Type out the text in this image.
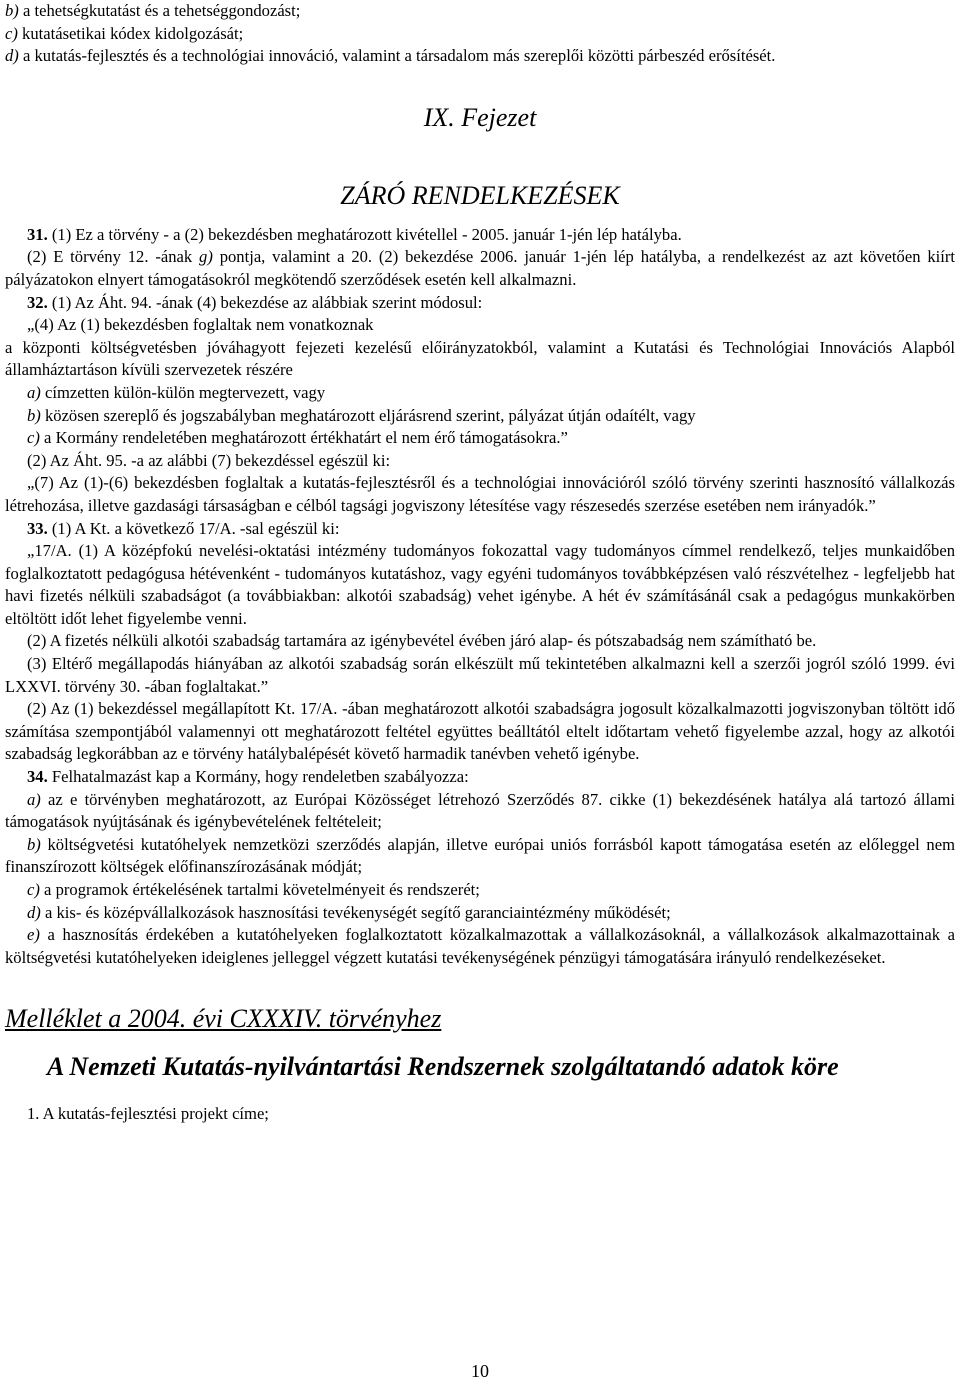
b) a tehetségkutatást és a tehetséggondozást;

c) kutatásetikai kódex kidolgozását;

d) a kutatás-fejlesztés és a technológiai innováció, valamint a társadalom más szereplői közötti párbeszéd erősítését.

IX. Fejezet

ZÁRÓ RENDELKEZÉSEK

31. (1) Ez a törvény - a (2) bekezdésben meghatározott kivétellel - 2005. január 1-jén lép hatályba.

(2) E törvény 12. -ának g) pontja, valamint a 20. (2) bekezdése 2006. január 1-jén lép hatályba, a rendelkezést az azt követően kiírt pályázatokon elnyert támogatásokról megkötendő szerződések esetén kell alkalmazni.

32. (1) Az Áht. 94. -ának (4) bekezdése az alábbiak szerint módosul:

„(4) Az (1) bekezdésben foglaltak nem vonatkoznak

a központi költségvetésben jóváhagyott fejezeti kezelésű előirányzatokból, valamint a Kutatási és Technológiai Innovációs Alapból államháztartáson kívüli szervezetek részére

a) címzetten külön-külön megtervezett, vagy

b) közösen szereplő és jogszabályban meghatározott eljárásrend szerint, pályázat útján odaítélt, vagy

c) a Kormány rendeletében meghatározott értékhatárt el nem érő támogatásokra.”

(2) Az Áht. 95. -a az alábbi (7) bekezdéssel egészül ki:

„(7) Az (1)-(6) bekezdésben foglaltak a kutatás-fejlesztésről és a technológiai innovációról szóló törvény szerinti hasznosító vállalkozás létrehozása, illetve gazdasági társaságban e célból tagsági jogviszony létesítése vagy részesedés szerzése esetében nem irányadók.”

33. (1) A Kt. a következő 17/A. -sal egészül ki:

„17/A. (1) A középfokú nevelési-oktatási intézmény tudományos fokozattal vagy tudományos címmel rendelkező, teljes munkaidőben foglalkoztatott pedagógusa hétévenként - tudományos kutatáshoz, vagy egyéni tudományos továbbképzésen való részvételhez - legfeljebb hat havi fizetés nélküli szabadságot (a továbbiakban: alkotói szabadság) vehet igénybe. A hét év számításánál csak a pedagógus munkakörben eltöltött időt lehet figyelembe venni.

(2) A fizetés nélküli alkotói szabadság tartamára az igénybevétel évében járó alap- és pótszabadság nem számítható be.

(3) Eltérő megállapodás hiányában az alkotói szabadság során elkészült mű tekintetében alkalmazni kell a szerzői jogról szóló 1999. évi LXXVI. törvény 30. -ában foglaltakat.”

(2) Az (1) bekezdéssel megállapított Kt. 17/A. -ában meghatározott alkotói szabadságra jogosult közalkalmazotti jogviszonyban töltött idő számítása szempontjából valamennyi ott meghatározott feltétel együttes beálltától eltelt időtartam vehető figyelembe azzal, hogy az alkotói szabadság legkorábban az e törvény hatálybalépését követő harmadik tanévben vehető igénybe.

34. Felhatalmazást kap a Kormány, hogy rendeletben szabályozza:

a) az e törvényben meghatározott, az Európai Közösséget létrehozó Szerződés 87. cikke (1) bekezdésének hatálya alá tartozó állami támogatások nyújtásának és igénybevételének feltételeit;

b) költségvetési kutatóhelyek nemzetközi szerződés alapján, illetve európai uniós forrásból kapott támogatása esetén az előleggel nem finanszírozott költségek előfinanszírozásának módját;

c) a programok értékelésének tartalmi követelményeit és rendszerét;

d) a kis- és középvállalkozások hasznosítási tevékenységét segítő garanciaintézmény működését;

e) a hasznosítás érdekében a kutatóhelyeken foglalkoztatott közalkalmazottak a vállalkozásoknál, a vállalkozások alkalmazottainak a költségvetési kutatóhelyeken ideiglenes jelleggel végzett kutatási tevékenységének pénzügyi támogatására irányuló rendelkezéseket.

Melléklet a 2004. évi CXXXIV. törvényhez

A Nemzeti Kutatás-nyilvántartási Rendszernek szolgáltatandó adatok köre

1. A kutatás-fejlesztési projekt címe;

10
